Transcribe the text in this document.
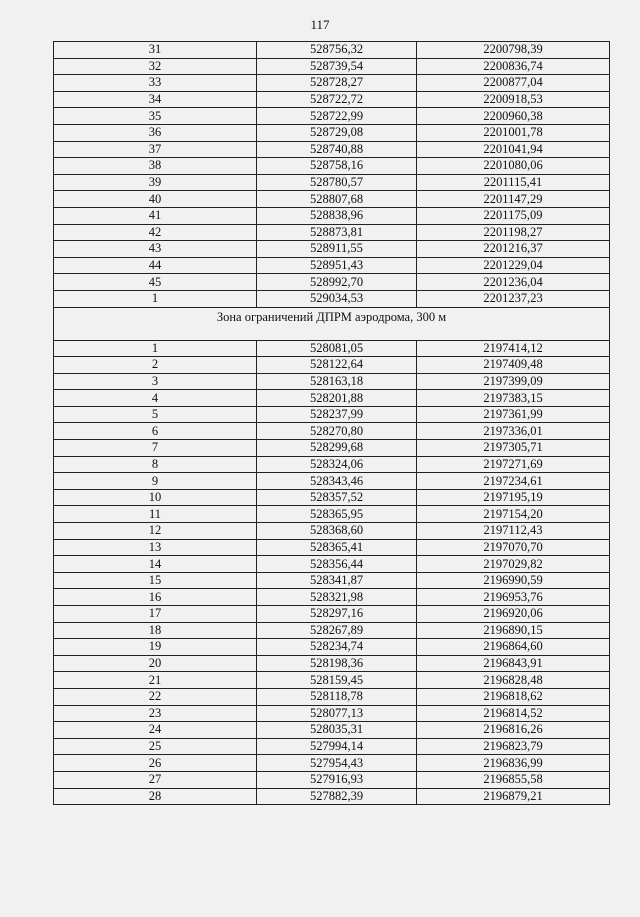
117
31	528756,32	2200798,39
32	528739,54	2200836,74
33	528728,27	2200877,04
34	528722,72	2200918,53
35	528722,99	2200960,38
36	528729,08	2201001,78
37	528740,88	2201041,94
38	528758,16	2201080,06
39	528780,57	2201115,41
40	528807,68	2201147,29
41	528838,96	2201175,09
42	528873,81	2201198,27
43	528911,55	2201216,37
44	528951,43	2201229,04
45	528992,70	2201236,04
1	529034,53	2201237,23
Зона ограничений ДПРМ аэродрома, 300 м		
1	528081,05	2197414,12
2	528122,64	2197409,48
3	528163,18	2197399,09
4	528201,88	2197383,15
5	528237,99	2197361,99
6	528270,80	2197336,01
7	528299,68	2197305,71
8	528324,06	2197271,69
9	528343,46	2197234,61
10	528357,52	2197195,19
11	528365,95	2197154,20
12	528368,60	2197112,43
13	528365,41	2197070,70
14	528356,44	2197029,82
15	528341,87	2196990,59
16	528321,98	2196953,76
17	528297,16	2196920,06
18	528267,89	2196890,15
19	528234,74	2196864,60
20	528198,36	2196843,91
21	528159,45	2196828,48
22	528118,78	2196818,62
23	528077,13	2196814,52
24	528035,31	2196816,26
25	527994,14	2196823,79
26	527954,43	2196836,99
27	527916,93	2196855,58
28	527882,39	2196879,21
